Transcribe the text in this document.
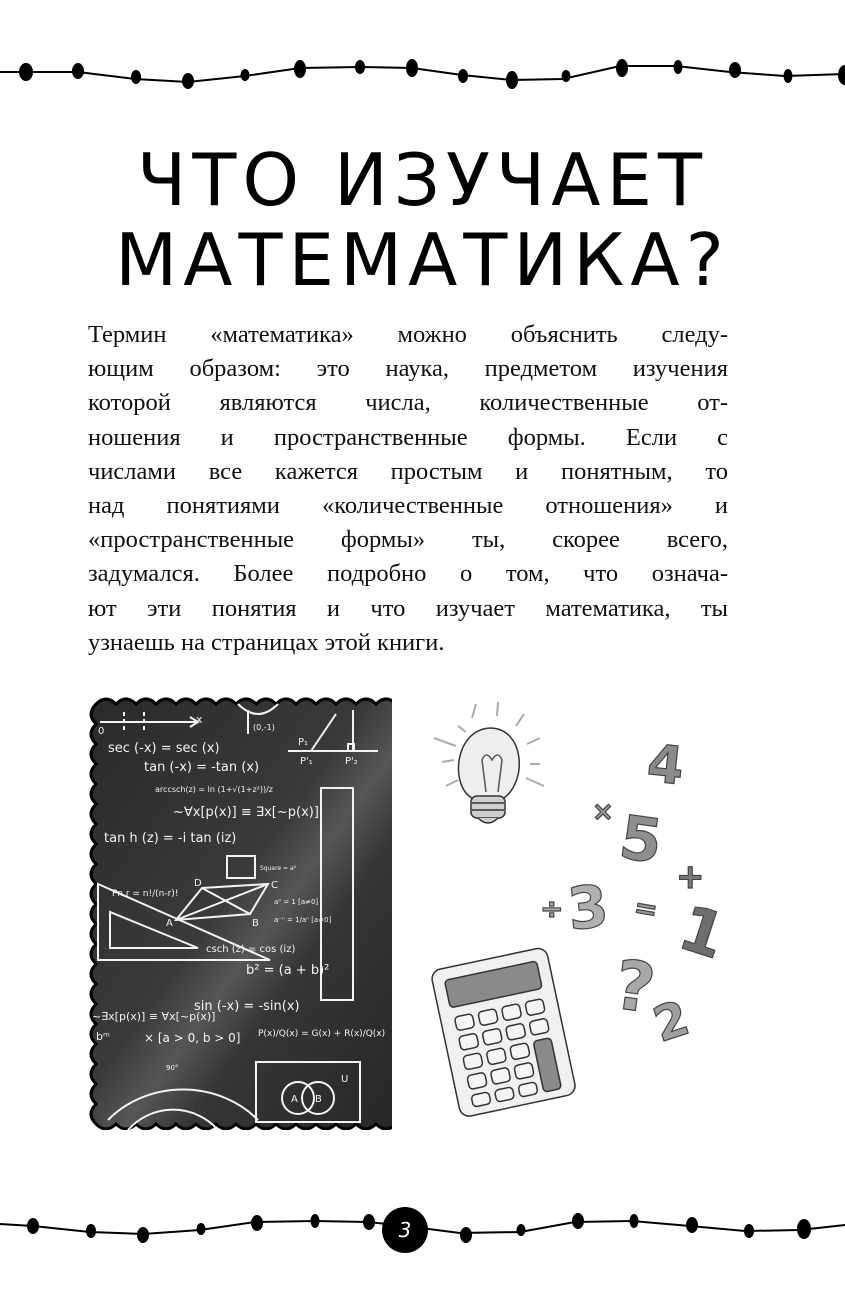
ЧТО ИЗУЧАЕТ
МАТЕМАТИКА?
Термин «математика» можно объяснить следу-
ющим образом: это наука, предметом изучения
которой являются числа, количественные от-
ношения и пространственные формы. Если с
числами все кажется простым и понятным, то
над понятиями «количественные отношения» и
«пространственные формы» ты, скорее всего,
задумался. Более подробно о том, что означа-
ют эти понятия и что изучает математика, ты
узнаешь на страницах этой книги.
sec (-x) = sec (x)
tan (-x) = -tan (x)
arccsch(z) = ln (1+√(1+z²))/z
~∀x[p(x)] ≡ ∃x[~p(x)]
tan h (z) = -i tan (iz)
Square = a²
Pn,r = n!/(n-r)!
a⁰ = 1 [a≠0]
a⁻ⁿ = 1/aⁿ [a≠0]
csch (z) = cos (iz)
b² = (a + b)²
sin (-x) = -sin(x)
~∃x[p(x)] ≡ ∀x[~p(x)]
bᵐ	× [a > 0, b > 0] P(x)/Q(x) = G(x) + R(x)/Q(x)
x
0	(0,-1)
P₁
P'₁	P'₂
D	C
A	B
90°
A B
U
4
× 5 +
÷ 3 = 1
?
2
3
